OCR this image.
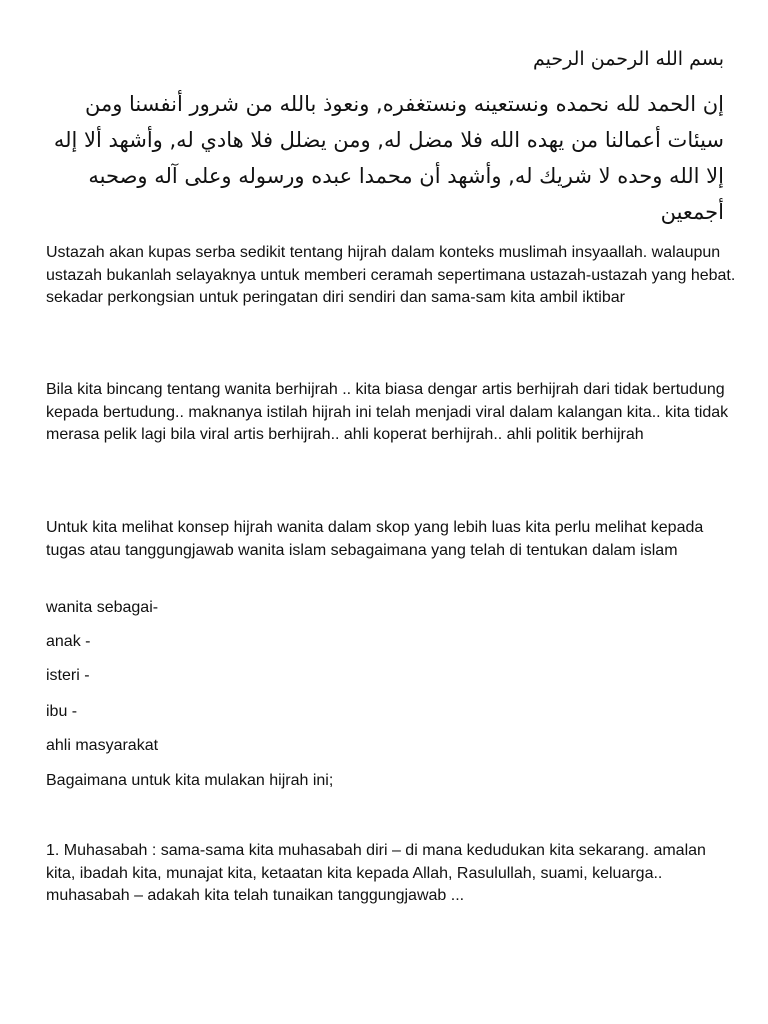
بسم الله الرحمن الرحيم
إن الحمد لله نحمده ونستعينه ونستغفره, ونعوذ بالله من شرور أنفسنا ومن سيئات أعمالنا من يهده الله فلا مضل له, ومن يضلل فلا هادي له, وأشهد ألا إله إلا الله وحده لا شريك له, وأشهد أن محمدا عبده ورسوله وعلى آله وصحبه أجمعين

Ustazah akan kupas serba sedikit tentang hijrah dalam konteks muslimah insyaallah. walaupun ustazah bukanlah selayaknya untuk memberi ceramah sepertimana ustazah-ustazah yang hebat. sekadar perkongsian untuk peringatan diri sendiri dan sama-sam kita ambil iktibar

Bila kita bincang tentang wanita berhijrah .. kita biasa dengar artis berhijrah dari tidak bertudung kepada bertudung.. maknanya istilah hijrah ini telah menjadi viral dalam kalangan kita.. kita tidak merasa pelik lagi bila viral artis berhijrah.. ahli koperat berhijrah.. ahli politik berhijrah

Untuk kita melihat konsep hijrah wanita dalam skop yang lebih luas kita perlu melihat kepada tugas atau tanggungjawab wanita islam sebagaimana yang telah di tentukan dalam islam

wanita sebagai-

anak -

isteri -

ibu -

ahli masyarakat

Bagaimana untuk kita mulakan hijrah ini;

1. Muhasabah : sama-sama kita muhasabah diri – di mana kedudukan kita sekarang. amalan kita, ibadah kita, munajat kita, ketaatan kita kepada Allah, Rasulullah, suami, keluarga.. muhasabah – adakah kita telah tunaikan tanggungjawab ...
